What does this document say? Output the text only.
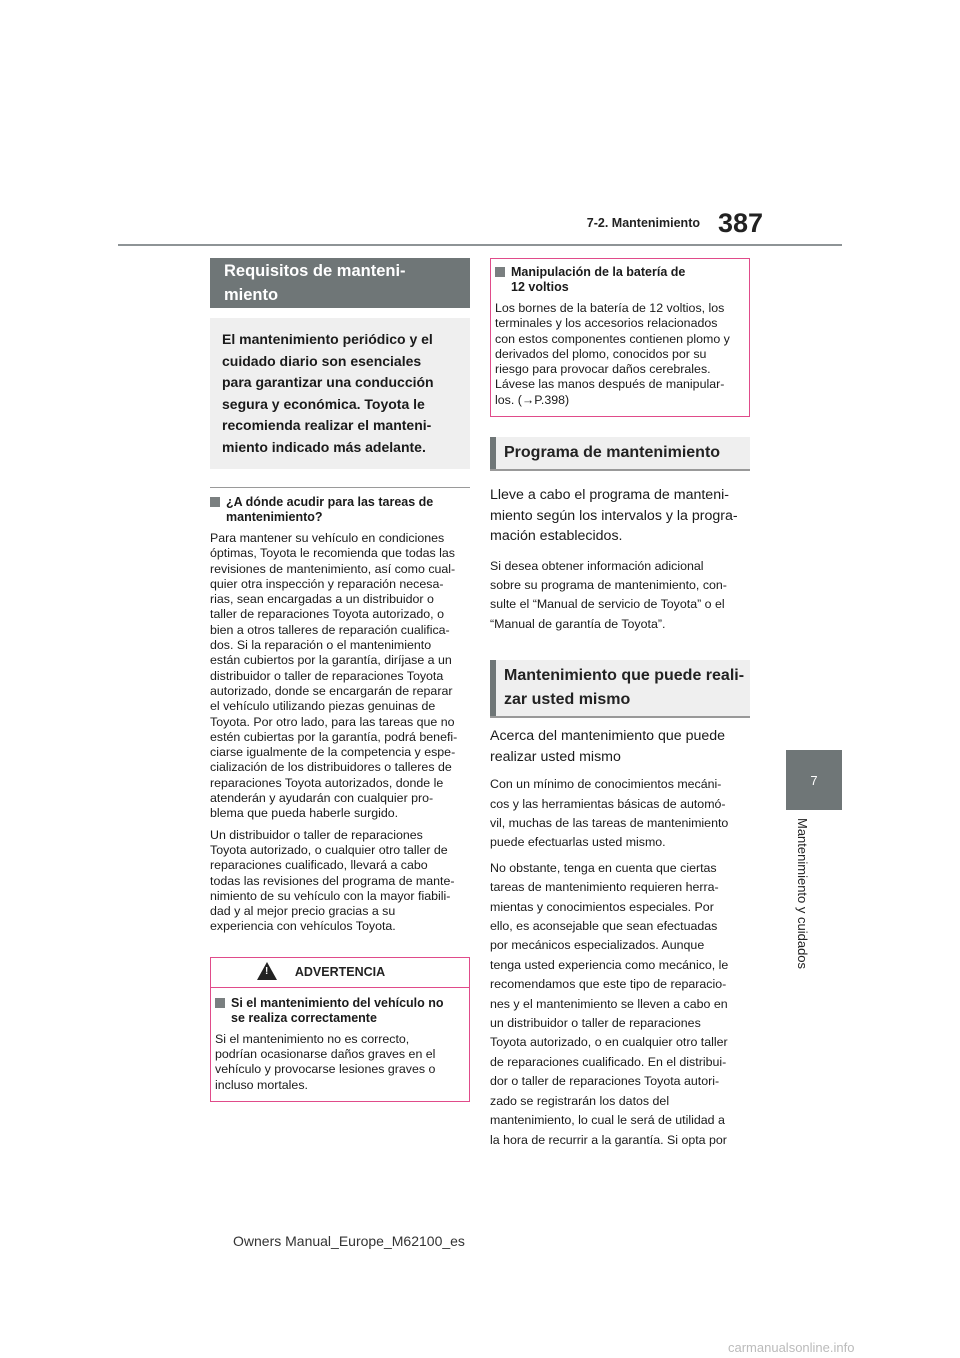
7-2. Mantenimiento 387
7
Mantenimiento y cuidados
Requisitos de manteni-
miento

El mantenimiento periódico y el
cuidado diario son esenciales
para garantizar una conducción
segura y económica. Toyota le
recomienda realizar el manteni-
miento indicado más adelante.

¿A dónde acudir para las tareas de
mantenimiento?
Para mantener su vehículo en condiciones
óptimas, Toyota le recomienda que todas las
revisiones de mantenimiento, así como cual-
quier otra inspección y reparación necesa-
rias, sean encargadas a un distribuidor o
taller de reparaciones Toyota autorizado, o
bien a otros talleres de reparación cualifica-
dos. Si la reparación o el mantenimiento
están cubiertos por la garantía, diríjase a un
distribuidor o taller de reparaciones Toyota
autorizado, donde se encargarán de reparar
el vehículo utilizando piezas genuinas de
Toyota. Por otro lado, para las tareas que no
estén cubiertas por la garantía, podrá benefi-
ciarse igualmente de la competencia y espe-
cialización de los distribuidores o talleres de
reparaciones Toyota autorizados, donde le
atenderán y ayudarán con cualquier pro-
blema que pueda haberle surgido.
Un distribuidor o taller de reparaciones
Toyota autorizado, o cualquier otro taller de
reparaciones cualificado, llevará a cabo
todas las revisiones del programa de mante-
nimiento de su vehículo con la mayor fiabili-
dad y al mejor precio gracias a su
experiencia con vehículos Toyota.
!
ADVERTENCIA
Si el mantenimiento del vehículo no
se realiza correctamente
Si el mantenimiento no es correcto,
podrían ocasionarse daños graves en el
vehículo y provocarse lesiones graves o
incluso mortales.
Manipulación de la batería de
12 voltios
Los bornes de la batería de 12 voltios, los
terminales y los accesorios relacionados
con estos componentes contienen plomo y
derivados del plomo, conocidos por su
riesgo para provocar daños cerebrales.
Lávese las manos después de manipular-
los. (→P.398)
Programa de mantenimiento
Lleve a cabo el programa de manteni-
miento según los intervalos y la progra-
mación establecidos.
Si desea obtener información adicional
sobre su programa de mantenimiento, con-
sulte el “Manual de servicio de Toyota” o el
“Manual de garantía de Toyota”.
Mantenimiento que puede reali-
zar usted mismo
Acerca del mantenimiento que puede
realizar usted mismo
Con un mínimo de conocimientos mecáni-
cos y las herramientas básicas de automó-
vil, muchas de las tareas de mantenimiento
puede efectuarlas usted mismo.
No obstante, tenga en cuenta que ciertas
tareas de mantenimiento requieren herra-
mientas y conocimientos especiales. Por
ello, es aconsejable que sean efectuadas
por mecánicos especializados. Aunque
tenga usted experiencia como mecánico, le
recomendamos que este tipo de reparacio-
nes y el mantenimiento se lleven a cabo en
un distribuidor o taller de reparaciones
Toyota autorizado, o en cualquier otro taller
de reparaciones cualificado. En el distribui-
dor o taller de reparaciones Toyota autori-
zado se registrarán los datos del
mantenimiento, lo cual le será de utilidad a
la hora de recurrir a la garantía. Si opta por
Owners Manual_Europe_M62100_es
carmanualsonline.info
